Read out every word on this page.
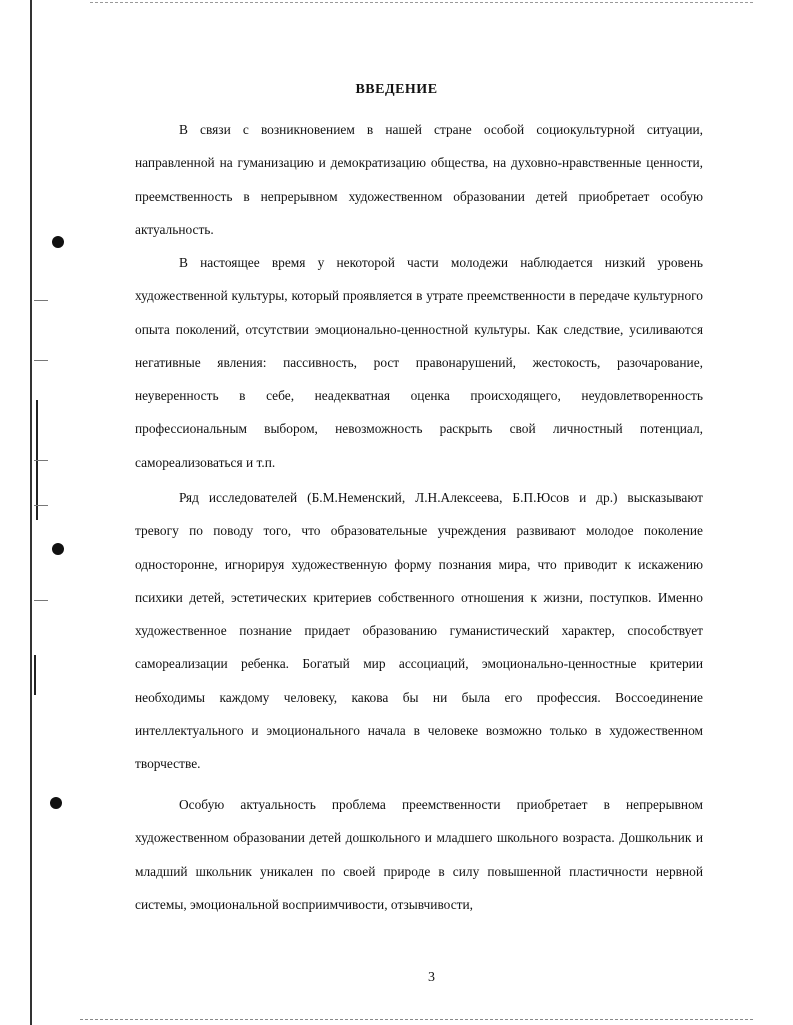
ВВЕДЕНИЕ

В связи с возникновением в нашей стране особой социокультурной ситуации, направленной на гуманизацию и демократизацию общества, на духовно-нравственные ценности, преемственность в непрерывном художественном образовании детей приобретает особую актуальность.

В настоящее время у некоторой части молодежи наблюдается низкий уровень художественной культуры, который проявляется в утрате преемственности в передаче культурного опыта поколений, отсутствии эмоционально-ценностной культуры. Как следствие, усиливаются негативные явления: пассивность, рост правонарушений, жестокость, разочарование, неуверенность в себе, неадекватная оценка происходящего, неудовлетворенность профессиональным выбором, невозможность раскрыть свой личностный потенциал, самореализоваться и т.п.

Ряд исследователей (Б.М.Неменский, Л.Н.Алексеева, Б.П.Юсов и др.) высказывают тревогу по поводу того, что образовательные учреждения развивают молодое поколение односторонне, игнорируя художественную форму познания мира, что приводит к искажению психики детей, эстетических критериев собственного отношения к жизни, поступков. Именно художественное познание придает образованию гуманистический характер, способствует самореализации ребенка. Богатый мир ассоциаций, эмоционально-ценностные критерии необходимы каждому человеку, какова бы ни была его профессия. Воссоединение интеллектуального и эмоционального начала в человеке возможно только в художественном творчестве.

Особую актуальность проблема преемственности приобретает в непрерывном художественном образовании детей дошкольного и младшего школьного возраста. Дошкольник и младший школьник уникален по своей природе в силу повышенной пластичности нервной системы, эмоциональной восприимчивости, отзывчивости,

3
